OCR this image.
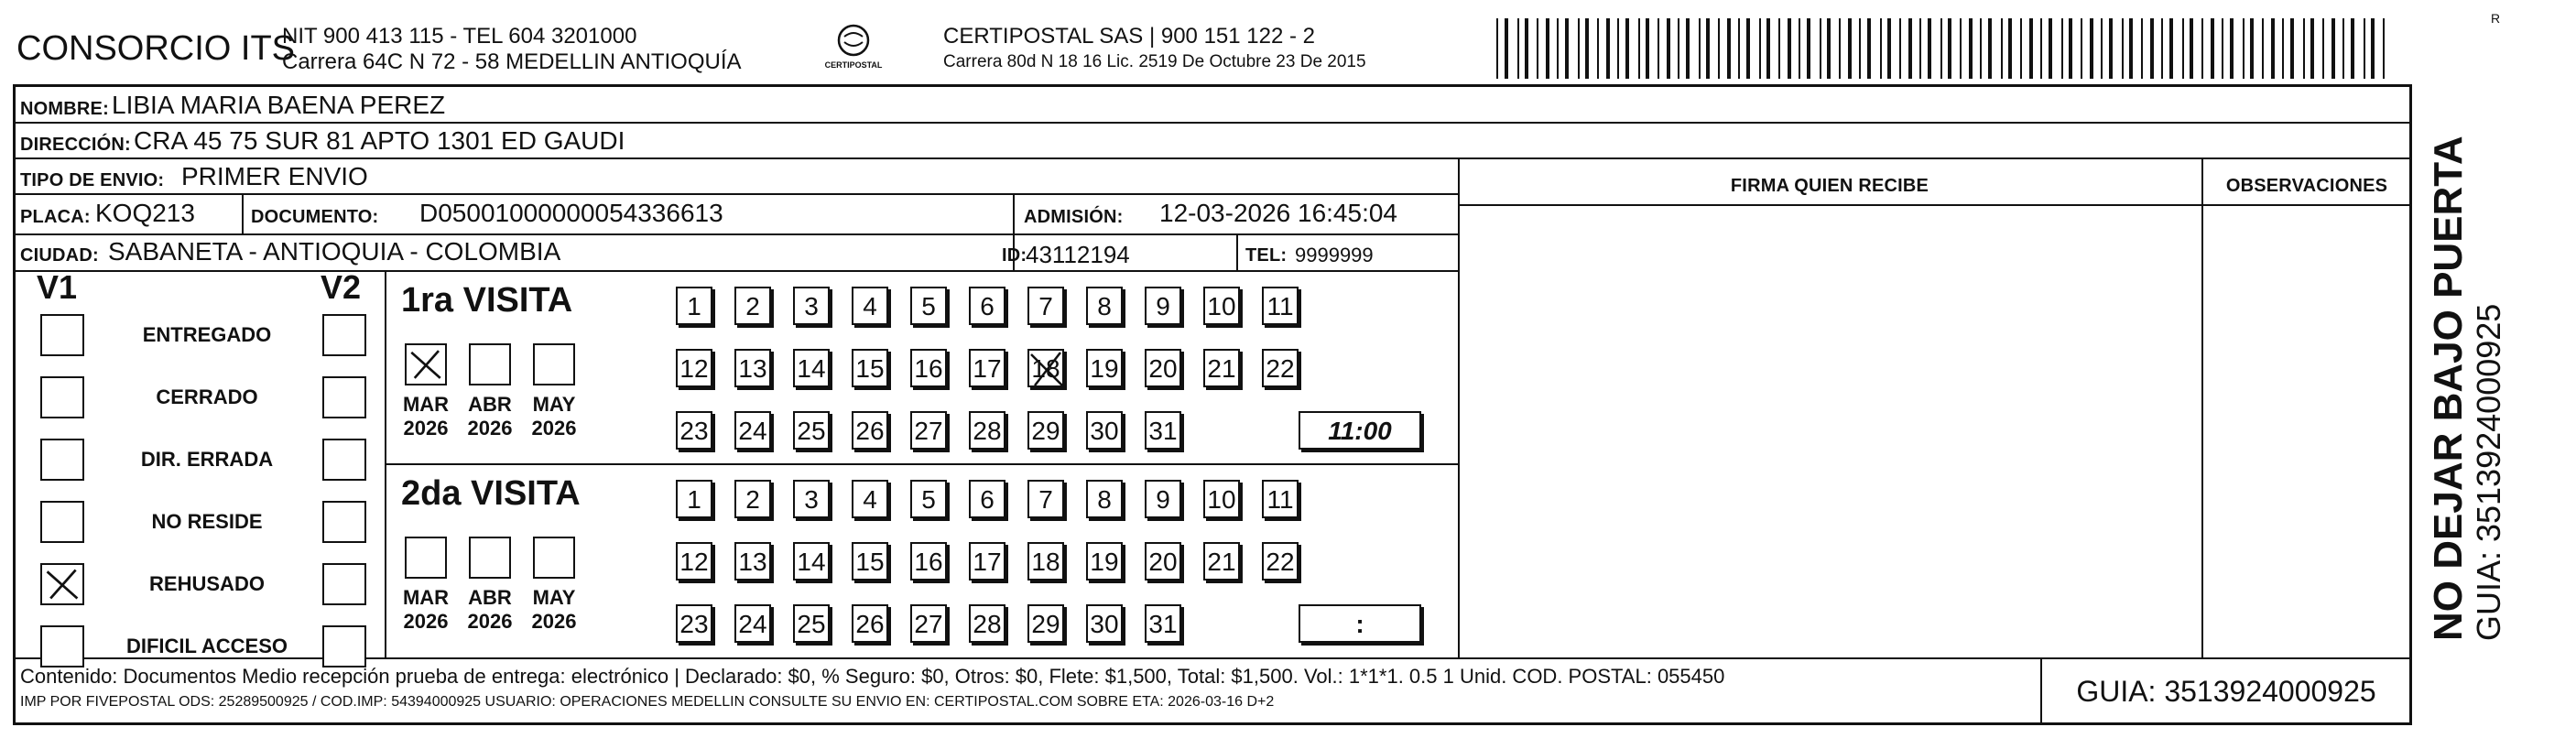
CONSORCIO ITS
NIT 900 413 115 - TEL 604 3201000
Carrera 64C N 72 - 58 MEDELLIN ANTIOQUÍA	CERTIPOSTAL
CERTIPOSTAL SAS | 900 151 122 - 2
Carrera 80d N 18 16 Lic. 2519 De Octubre 23 De 2015
R
NOMBRE: LIBIA MARIA BAENA PEREZ
DIRECCIÓN: CRA 45 75 SUR 81 APTO 1301 ED GAUDI
TIPO DE ENVIO: PRIMER ENVIO
PLACA: KOQ213	DOCUMENTO: D05001000000054336613	ADMISIÓN: 12-03-2026 16:45:04
CIUDAD: SABANETA - ANTIOQUIA - COLOMBIA	ID:
43112194	TEL: 9999999
FIRMA QUIEN RECIBE	OBSERVACIONES
V1	V2
ENTREGADO
CERRADO
DIR. ERRADA
NO RESIDE
REHUSADO
DIFICIL ACCESO
1ra VISITA
MAR
2026
ABR
2026
MAY
2026
1	2	3	4	5	6	7	8	9	10 11
12 13 14 15 16 17 18 19 20 21 22
23 24 25 26 27 28 29 30 31	11:00
2da VISITA
MAR
2026
ABR
2026
MAY
2026
1	2	3	4	5	6	7	8	9	10 11
12 13 14 15 16 17 18 19 20 21 22
23 24 25 26 27 28 29 30 31	:
Contenido: Documentos Medio recepción prueba de entrega: electrónico | Declarado: $0, % Seguro: $0, Otros: $0, Flete: $1,500, Total: $1,500. Vol.: 1*1*1. 0.5 1 Unid. COD. POSTAL: 055450
IMP POR FIVEPOSTAL ODS: 25289500925 / COD.IMP: 54394000925 USUARIO: OPERACIONES MEDELLIN CONSULTE SU ENVIO EN: CERTIPOSTAL.COM SOBRE ETA: 2026-03-16 D+2	GUIA: 3513924000925
NO DEJAR BAJO PUERTA GUIA: 3513924000925
